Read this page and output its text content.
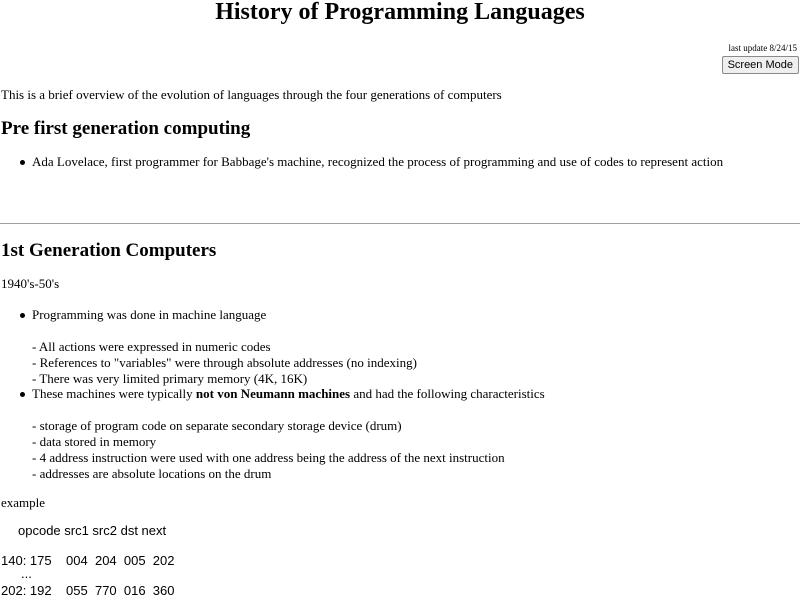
History of Programming Languages

last update 8/24/15

Screen Mode

This is a brief overview of the evolution of languages through the four generations of computers

Pre first generation computing
Ada Lovelace, first programmer for Babbage's machine, recognized the process of programming and use of codes to represent action
1st Generation Computers

1940's-50's

Programming was done in machine language
- All actions were expressed in numeric codes
- References to "variables" were through absolute addresses (no indexing)
- There was very limited primary memory (4K, 16K)
These machines were typically not von Neumann machines and had the following characteristics
- storage of program code on separate secondary storage device (drum)
- data stored in memory
- 4 address instruction were used with one address being the address of the next instruction
- addresses are absolute locations on the drum

example

opcode src1 src2 dst next

140: 175    004  204  005  202

...

202: 192    055  770  016  360
